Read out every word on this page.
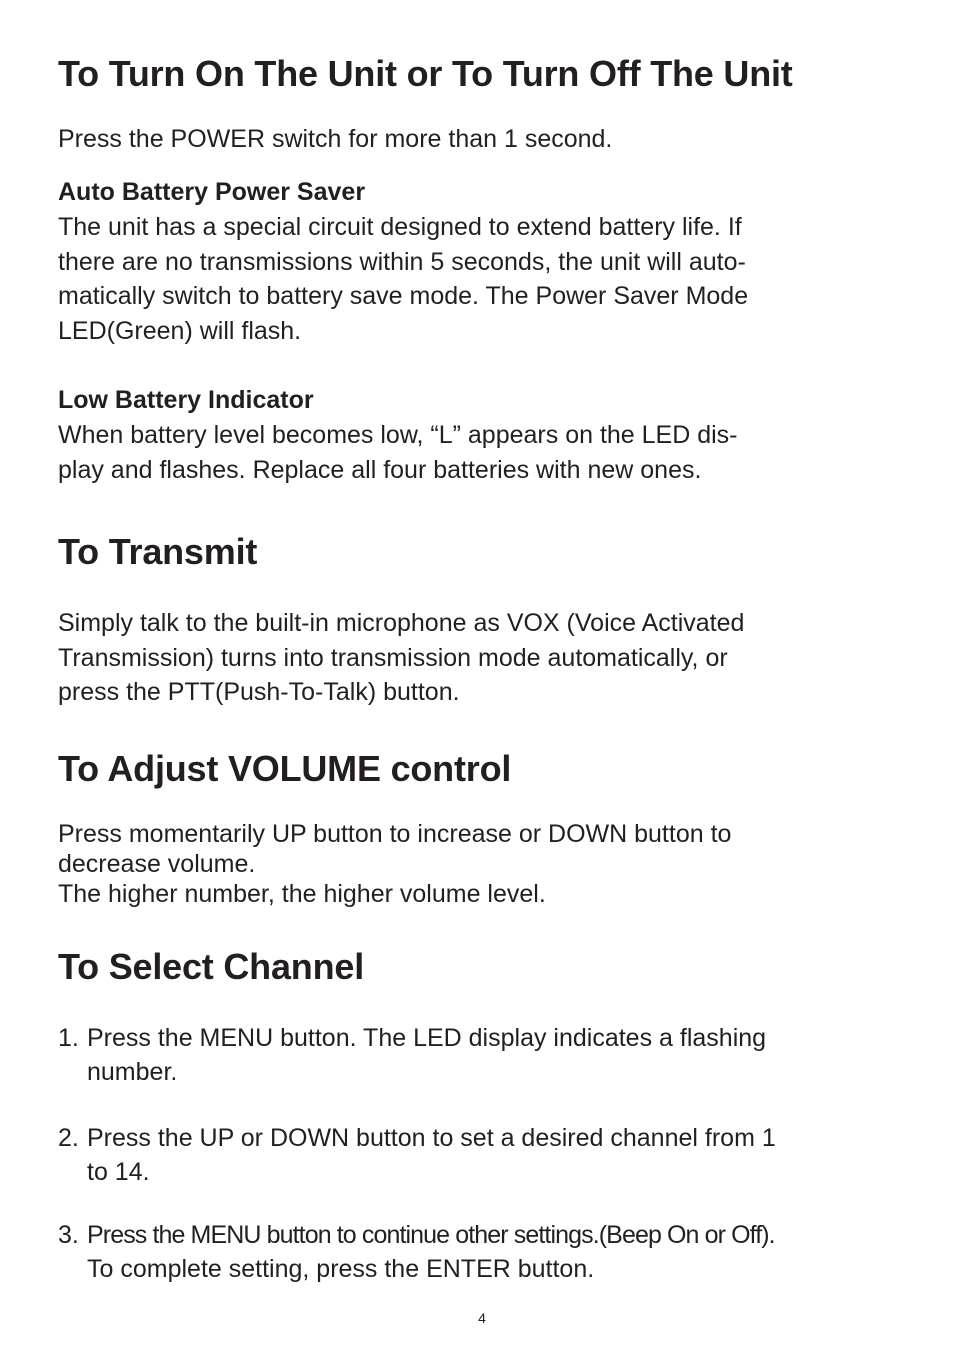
To Turn On The Unit or To Turn Off The Unit

Press the POWER switch for more than 1 second.

Auto Battery Power Saver

The unit has a special circuit designed to extend battery life. If
there are no transmissions within 5 seconds, the unit will auto-
matically switch to battery save mode. The Power Saver Mode
LED(Green) will flash.

Low Battery Indicator

When battery level becomes low, “L” appears on the LED dis-
play and flashes. Replace all four batteries with new ones.

To Transmit

Simply talk to the built-in microphone as VOX (Voice Activated
Transmission) turns into transmission mode automatically, or
press the PTT(Push-To-Talk) button.

To Adjust VOLUME control

Press momentarily UP button to increase or DOWN button to
decrease volume.
The higher number, the higher volume level.

To Select Channel
1. Press the MENU button. The LED display indicates a flashing
number.
2. Press the UP or DOWN button to set a desired channel from 1
to 14.
3. Press the MENU button to continue other settings.(Beep On or Off).
To complete setting, press the ENTER button.
4
